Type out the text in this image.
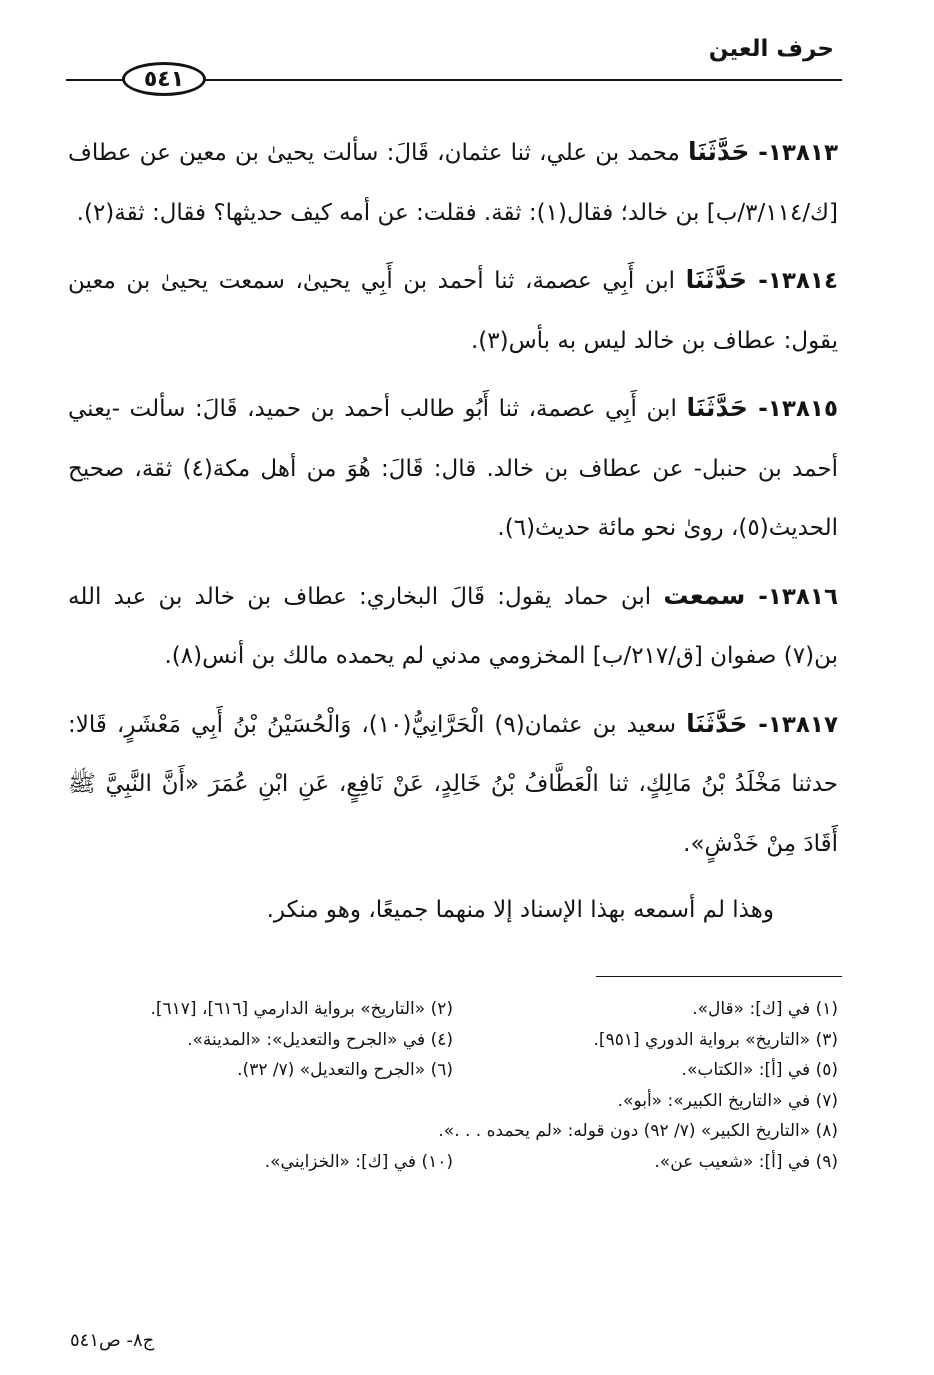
حرف العين
٥٤١

١٣٨١٣- حَدَّثَنَا محمد بن علي، ثنا عثمان، قَالَ: سألت يحيىٰ بن معين عن عطاف [ك/٣/١١٤/ب] بن خالد؛ فقال(١): ثقة. فقلت: عن أمه كيف حديثها؟ فقال: ثقة(٢).

١٣٨١٤- حَدَّثَنَا ابن أَبِي عصمة، ثنا أحمد بن أَبِي يحيىٰ، سمعت يحيىٰ بن معين يقول: عطاف بن خالد ليس به بأس(٣).

١٣٨١٥- حَدَّثَنَا ابن أَبِي عصمة، ثنا أَبُو طالب أحمد بن حميد، قَالَ: سألت -يعني أحمد بن حنبل- عن عطاف بن خالد. قال: قَالَ: هُوَ من أهل مكة(٤) ثقة، صحيح الحديث(٥)، روىٰ نحو مائة حديث(٦).

١٣٨١٦- سمعت ابن حماد يقول: قَالَ البخاري: عطاف بن خالد بن عبد الله بن(٧) صفوان [ق/٢١٧/ب] المخزومي مدني لم يحمده مالك بن أنس(٨).

١٣٨١٧- حَدَّثَنَا سعيد بن عثمان(٩) الْحَرَّانِيُّ(١٠)، وَالْحُسَيْنُ بْنُ أَبِي مَعْشَرٍ، قَالا: حدثنا مَخْلَدُ بْنُ مَالِكٍ، ثنا الْعَطَّافُ بْنُ خَالِدٍ، عَنْ نَافِعٍ، عَنِ ابْنِ عُمَرَ «أَنَّ النَّبِيَّ ﷺ أَقَادَ مِنْ خَدْشٍ».

وهذا لم أسمعه بهذا الإسناد إلا منهما جميعًا، وهو منكر.

(١) في [ك]: «قال».
(٢) «التاريخ» برواية الدارمي [٦١٦]، [٦١٧].
(٣) «التاريخ» برواية الدوري [٩٥١].
(٤) في «الجرح والتعديل»: «المدينة».
(٥) في [أ]: «الكتاب».
(٦) «الجرح والتعديل» (٧/ ٣٢).
(٧) في «التاريخ الكبير»: «أبو».
(٨) «التاريخ الكبير» (٧/ ٩٢) دون قوله: «لم يحمده . . .».
(٩) في [أ]: «شعيب عن».
(١٠) في [ك]: «الخزايني».
ج٨- ص٥٤١
